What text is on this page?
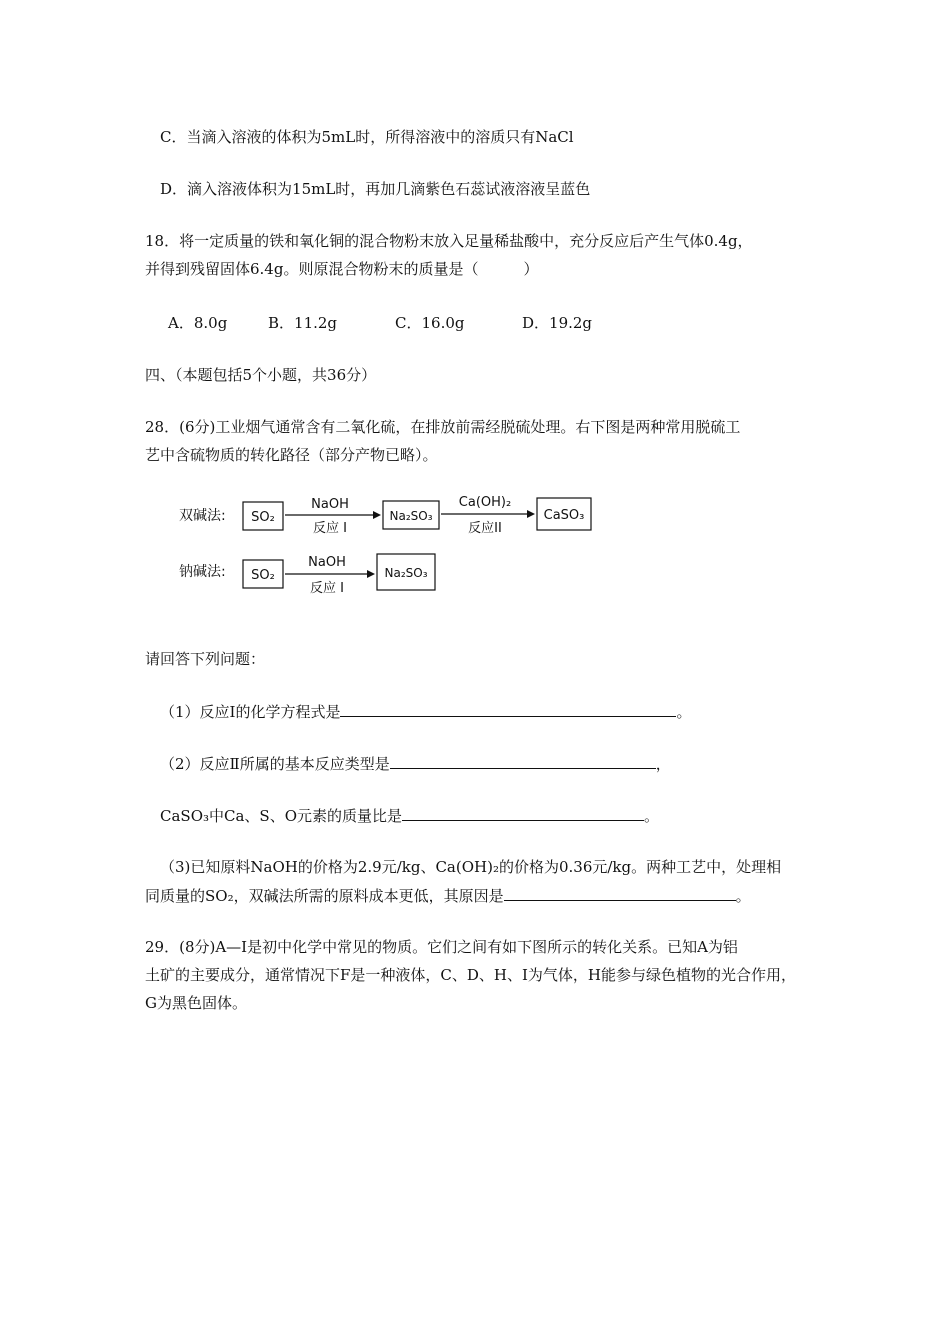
C．当滴入溶液的体积为5mL时，所得溶液中的溶质只有NaCl
D．滴入溶液体积为15mL时，再加几滴紫色石蕊试液溶液呈蓝色
18．将一定质量的铁和氧化铜的混合物粉末放入足量稀盐酸中，充分反应后产生气体0.4g，
并得到残留固体6.4g。则原混合物粉末的质量是（　　　）
A．8.0g	B．11.2g	C．16.0g	D．19.2g
四、（本题包括5个小题，共36分）
28．(6分)工业烟气通常含有二氧化硫，在排放前需经脱硫处理。右下图是两种常用脱硫工
艺中含硫物质的转化路径（部分产物已略）。
双碱法: SO₂
NaOH
反应 I
Na₂SO₃
Ca(OH)₂
反应II
CaSO₃
钠碱法: SO₂
NaOH
反应 I
Na₂SO₃
请回答下列问题：
（1）反应Ⅰ的化学方程式是	。
（2）反应Ⅱ所属的基本反应类型是	，
CaSO₃中Ca、S、O元素的质量比是	。
（3)已知原料NaOH的价格为2.9元/kg、Ca(OH)₂的价格为0.36元/kg。两种工艺中，处理相
同质量的SO₂，双碱法所需的原料成本更低，其原因是	。
29．(8分)A—I是初中化学中常见的物质。它们之间有如下图所示的转化关系。已知A为铝
土矿的主要成分，通常情况下F是一种液体，C、D、H、I为气体，H能参与绿色植物的光合作用，
G为黑色固体。
